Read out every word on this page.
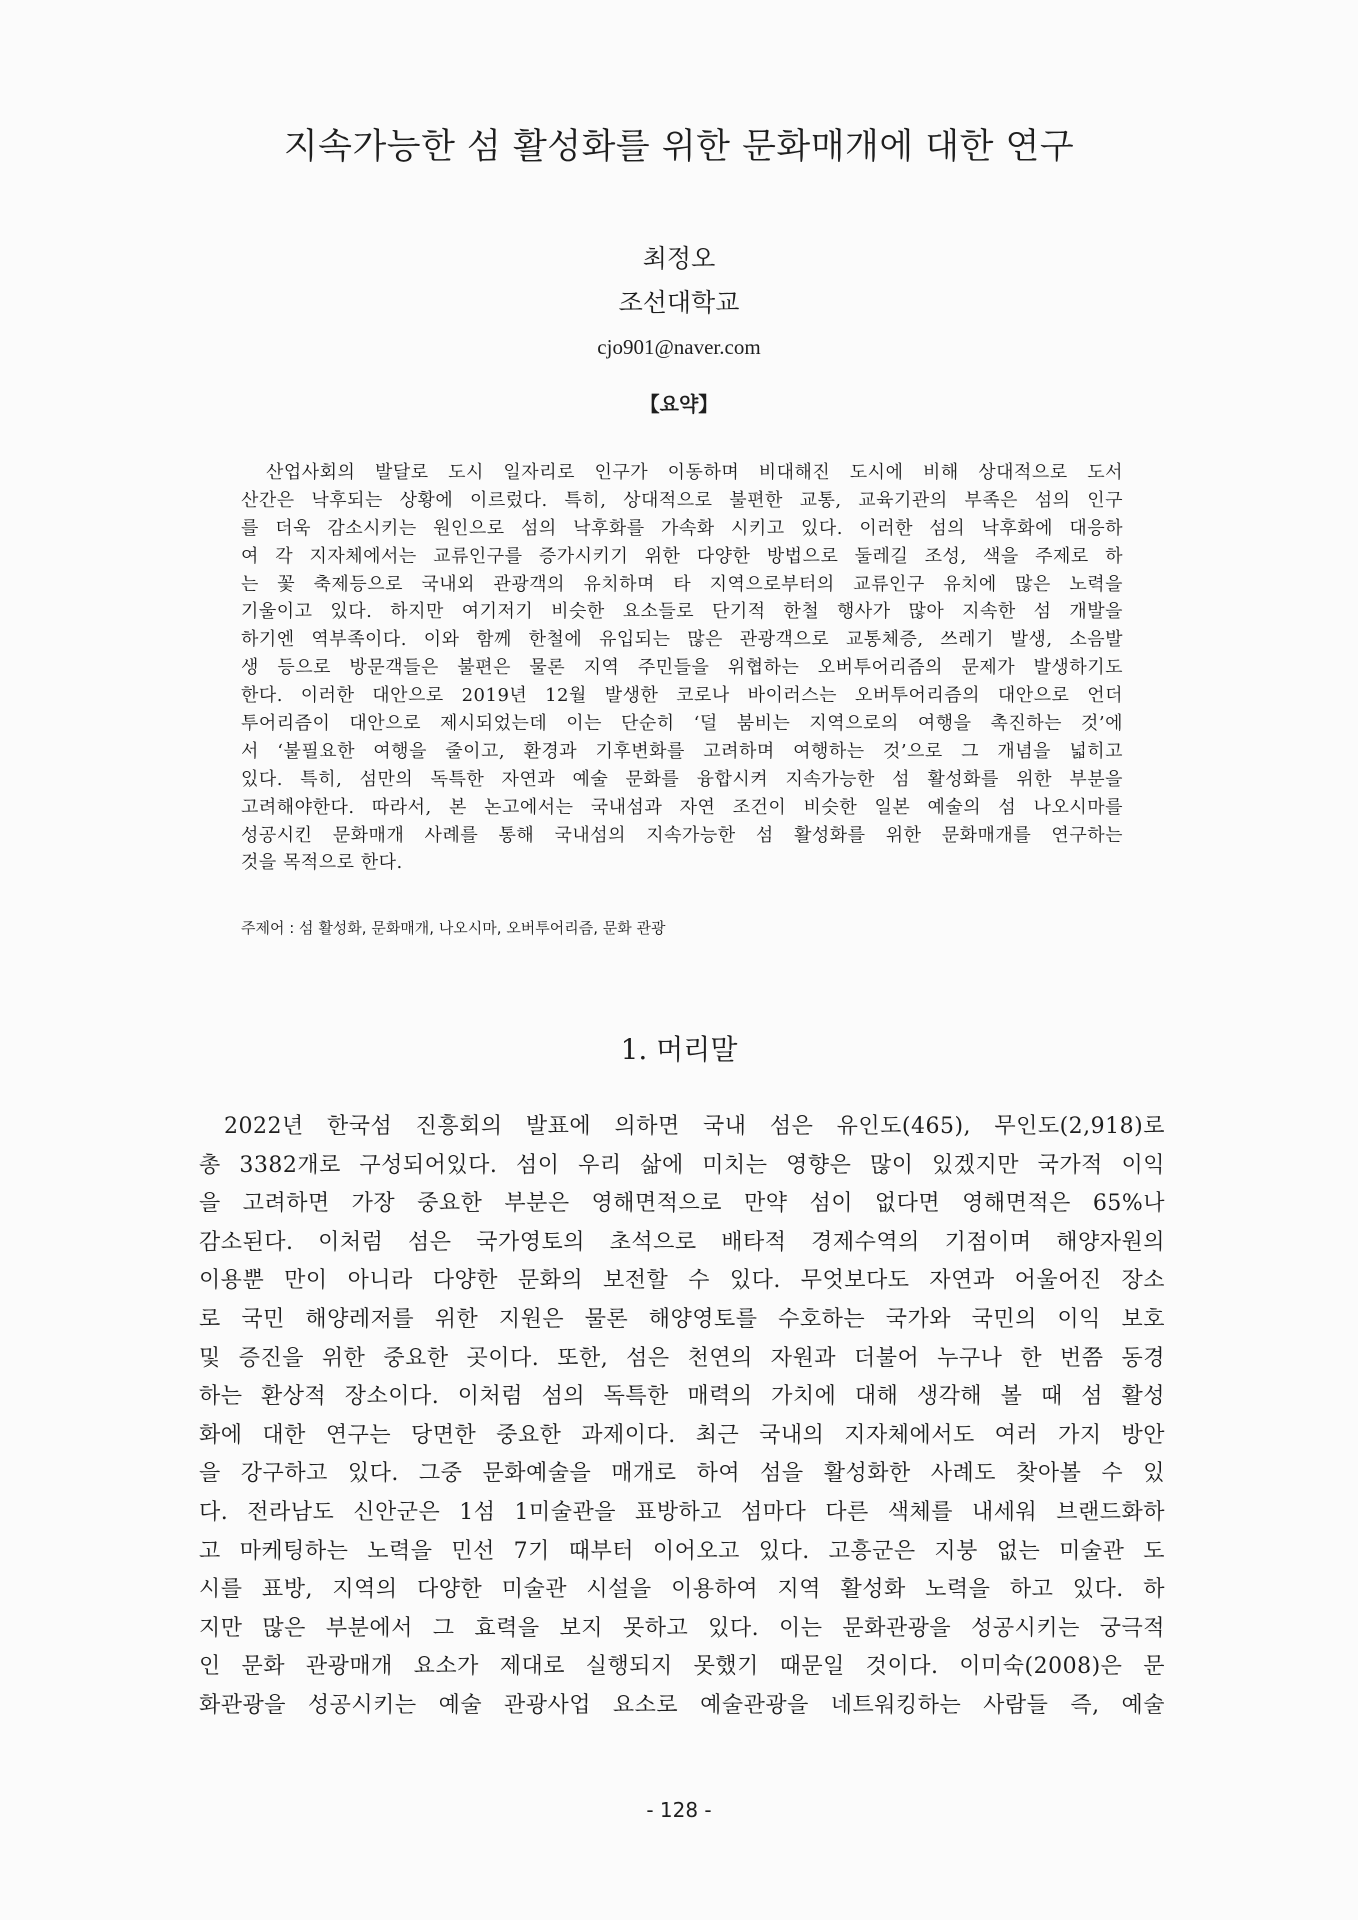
지속가능한 섬 활성화를 위한 문화매개에 대한 연구
최정오
조선대학교
cjo901@naver.com
【요약】
산업사회의 발달로 도시 일자리로 인구가 이동하며 비대해진 도시에 비해 상대적으로 도서
산간은 낙후되는 상황에 이르렀다. 특히, 상대적으로 불편한 교통, 교육기관의 부족은 섬의 인구
를 더욱 감소시키는 원인으로 섬의 낙후화를 가속화 시키고 있다. 이러한 섬의 낙후화에 대응하
여 각 지자체에서는 교류인구를 증가시키기 위한 다양한 방법으로 둘레길 조성, 색을 주제로 하
는 꽃 축제등으로 국내외 관광객의 유치하며 타 지역으로부터의 교류인구 유치에 많은 노력을
기울이고 있다. 하지만 여기저기 비슷한 요소들로 단기적 한철 행사가 많아 지속한 섬 개발을
하기엔 역부족이다. 이와 함께 한철에 유입되는 많은 관광객으로 교통체증, 쓰레기 발생, 소음발
생 등으로 방문객들은 불편은 물론 지역 주민들을 위협하는 오버투어리즘의 문제가 발생하기도
한다. 이러한 대안으로 2019년 12월 발생한 코로나 바이러스는 오버투어리즘의 대안으로 언더
투어리즘이 대안으로 제시되었는데 이는 단순히 ‘덜 붐비는 지역으로의 여행을 촉진하는 것’에
서 ‘불필요한 여행을 줄이고, 환경과 기후변화를 고려하며 여행하는 것’으로 그 개념을 넓히고
있다. 특히, 섬만의 독특한 자연과 예술 문화를 융합시켜 지속가능한 섬 활성화를 위한 부분을
고려해야한다. 따라서, 본 논고에서는 국내섬과 자연 조건이 비슷한 일본 예술의 섬 나오시마를
성공시킨 문화매개 사례를 통해 국내섬의 지속가능한 섬 활성화를 위한 문화매개를 연구하는
것을 목적으로 한다.
주제어 : 섬 활성화, 문화매개, 나오시마, 오버투어리즘, 문화 관광
1. 머리말
2022년 한국섬 진흥회의 발표에 의하면 국내 섬은 유인도(465), 무인도(2,918)로
총 3382개로 구성되어있다. 섬이 우리 삶에 미치는 영향은 많이 있겠지만 국가적 이익
을 고려하면 가장 중요한 부분은 영해면적으로 만약 섬이 없다면 영해면적은 65%나
감소된다. 이처럼 섬은 국가영토의 초석으로 배타적 경제수역의 기점이며 해양자원의
이용뿐 만이 아니라 다양한 문화의 보전할 수 있다. 무엇보다도 자연과 어울어진 장소
로 국민 해양레저를 위한 지원은 물론 해양영토를 수호하는 국가와 국민의 이익 보호
및 증진을 위한 중요한 곳이다. 또한, 섬은 천연의 자원과 더불어 누구나 한 번쯤 동경
하는 환상적 장소이다. 이처럼 섬의 독특한 매력의 가치에 대해 생각해 볼 때 섬 활성
화에 대한 연구는 당면한 중요한 과제이다. 최근 국내의 지자체에서도 여러 가지 방안
을 강구하고 있다. 그중 문화예술을 매개로 하여 섬을 활성화한 사례도 찾아볼 수 있
다. 전라남도 신안군은 1섬 1미술관을 표방하고 섬마다 다른 색체를 내세워 브랜드화하
고 마케팅하는 노력을 민선 7기 때부터 이어오고 있다. 고흥군은 지붕 없는 미술관 도
시를 표방, 지역의 다양한 미술관 시설을 이용하여 지역 활성화 노력을 하고 있다. 하
지만 많은 부분에서 그 효력을 보지 못하고 있다. 이는 문화관광을 성공시키는 궁극적
인 문화 관광매개 요소가 제대로 실행되지 못했기 때문일 것이다. 이미숙(2008)은 문
화관광을 성공시키는 예술 관광사업 요소로 예술관광을 네트워킹하는 사람들 즉, 예술
- 128 -
